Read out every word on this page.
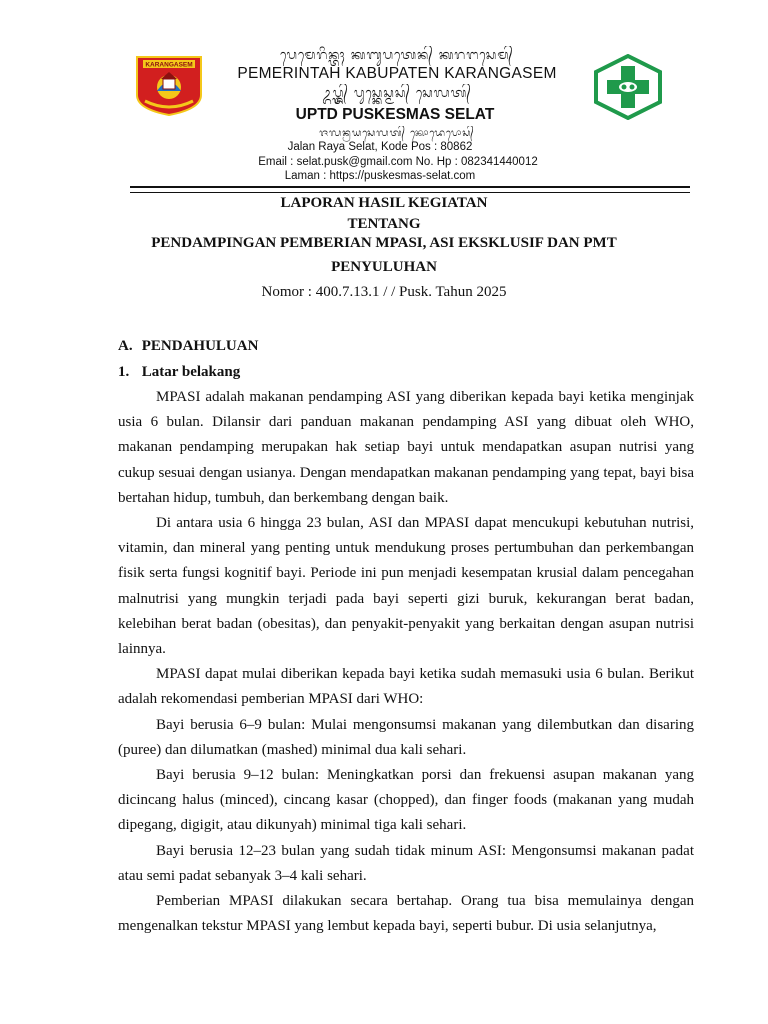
KARANGASEM
ᬧᬾᬫᬾᬭᬶᬦ᭄ᬢᬄ ᬓᬩᬸᬧᬢᬾᬦ᭄ ᬓᬭᬗᬲᬾᬫ᭄
PEMERINTAH KABUPATEN KARANGASEM
ᬉᬧ᭄ᬢ᭄ᬤ᭄ ᬧᬸᬲ᭄ᬓᬾᬲ᭄ᬫᬲ᭄ ᬲᬾᬮᬢ᭄
UPTD PUSKESMAS SELAT
ᬚᬮᬦ᭄ᬭᬬᬲᬾᬮᬢ᭄ ᬓᭀᬤᬾᬧᭀᬲ᭄
Jalan Raya Selat, Kode Pos : 80862
Email : selat.pusk@gmail.com No. Hp : 082341440012
Laman : https://puskesmas-selat.com
LAPORAN HASIL KEGIATAN
TENTANG
PENDAMPINGAN PEMBERIAN MPASI, ASI EKSKLUSIF DAN PMT
PENYULUHAN
Nomor : 400.7.13.1 / / Pusk. Tahun 2025
A. PENDAHULUAN
1. Latar belakang

MPASI adalah makanan pendamping ASI yang diberikan kepada bayi ketika menginjak usia 6 bulan. Dilansir dari panduan makanan pendamping ASI yang dibuat oleh WHO, makanan pendamping merupakan hak setiap bayi untuk mendapatkan asupan nutrisi yang cukup sesuai dengan usianya. Dengan mendapatkan makanan pendamping yang tepat, bayi bisa bertahan hidup, tumbuh, dan berkembang dengan baik.

Di antara usia 6 hingga 23 bulan, ASI dan MPASI dapat mencukupi kebutuhan nutrisi, vitamin, dan mineral yang penting untuk mendukung proses pertumbuhan dan perkembangan fisik serta fungsi kognitif bayi. Periode ini pun menjadi kesempatan krusial dalam pencegahan malnutrisi yang mungkin terjadi pada bayi seperti gizi buruk, kekurangan berat badan, kelebihan berat badan (obesitas), dan penyakit-penyakit yang berkaitan dengan asupan nutrisi lainnya.

MPASI dapat mulai diberikan kepada bayi ketika sudah memasuki usia 6 bulan. Berikut adalah rekomendasi pemberian MPASI dari WHO:

Bayi berusia 6–9 bulan: Mulai mengonsumsi makanan yang dilembutkan dan disaring (puree) dan dilumatkan (mashed) minimal dua kali sehari.

Bayi berusia 9–12 bulan: Meningkatkan porsi dan frekuensi asupan makanan yang dicincang halus (minced), cincang kasar (chopped), dan finger foods (makanan yang mudah dipegang, digigit, atau dikunyah) minimal tiga kali sehari.

Bayi berusia 12–23 bulan yang sudah tidak minum ASI: Mengonsumsi makanan padat atau semi padat sebanyak 3–4 kali sehari.

Pemberian MPASI dilakukan secara bertahap. Orang tua bisa memulainya dengan mengenalkan tekstur MPASI yang lembut kepada bayi, seperti bubur. Di usia selanjutnya,
